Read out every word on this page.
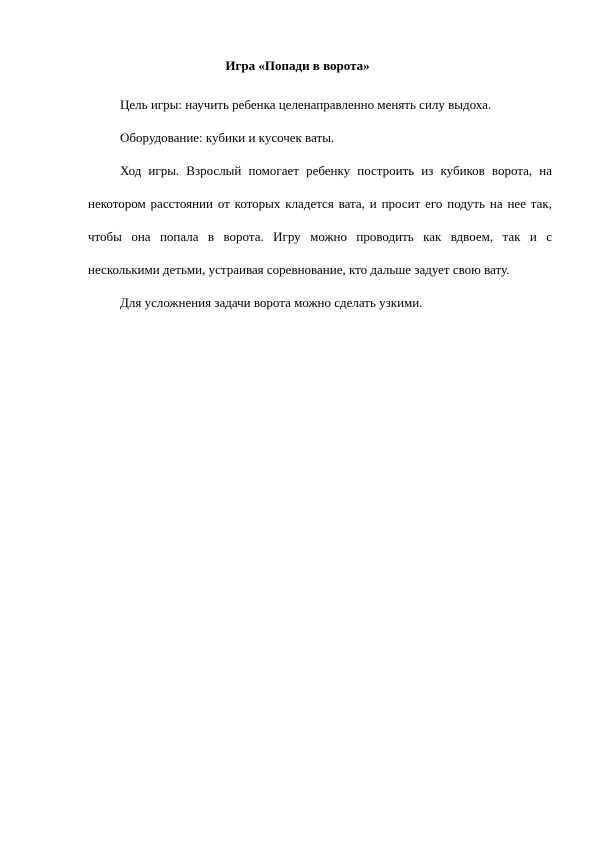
Игра «Попади в ворота»
Цель игры: научить ребенка целенаправленно менять силу выдоха.
Оборудование: кубики и кусочек ваты.
Ход игры. Взрослый помогает ребенку построить из кубиков ворота, на некотором расстоянии от которых кладется вата, и просит его подуть на нее так, чтобы она попала в ворота. Игру можно проводить как вдвоем, так и с несколькими детьми, устраивая соревнование, кто дальше задует свою вату.
Для усложнения задачи ворота можно сделать узкими.
